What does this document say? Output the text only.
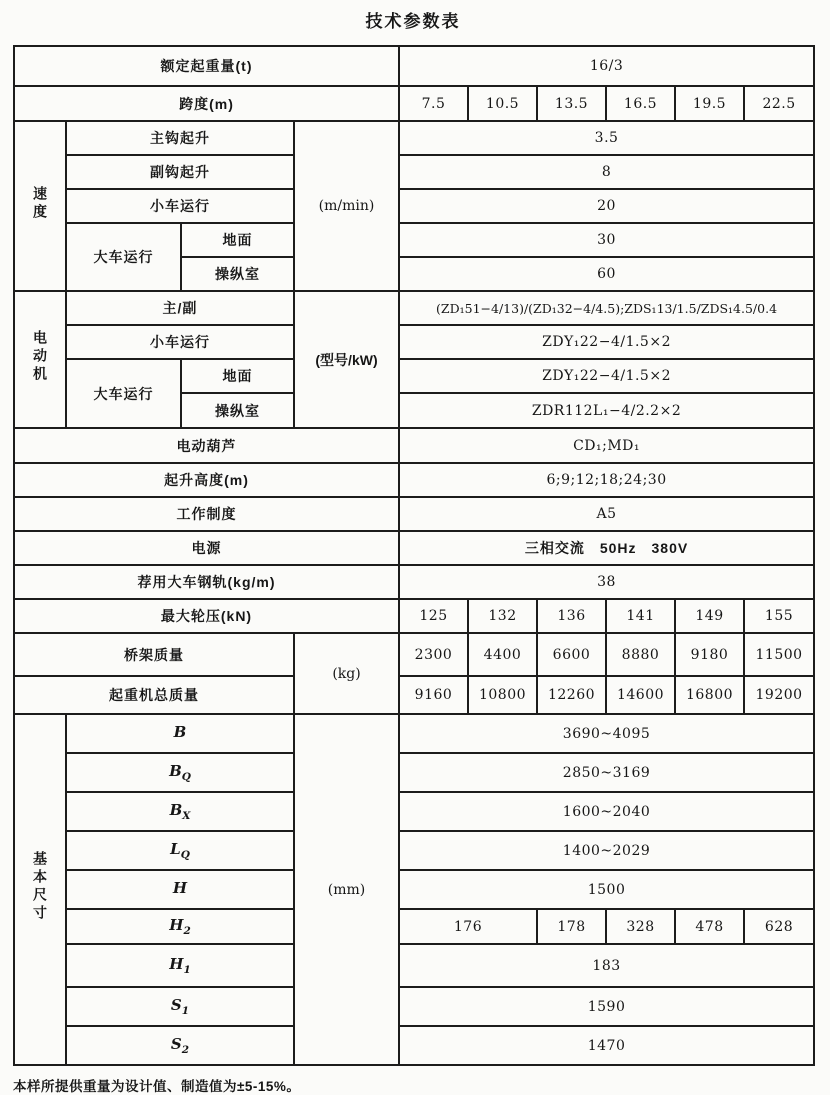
技术参数表
额定起重量(t)				16/3					
跨度(m)				7.5	10.5	13.5	16.5	19.5	22.5
速度	主钩起升		(m/min)	3.5					
	副钩起升			8					
	小车运行			20					
	大车运行	地面		30					
		操纵室		60					
电动机	主/副		(型号/kW)	(ZD₁51−4/13)/(ZD₁32−4/4.5);ZDS₁13/1.5/ZDS₁4.5/0.4					
	小车运行			ZDY₁22−4/1.5×2					
	大车运行	地面		ZDY₁22−4/1.5×2					
		操纵室		ZDR112L₁−4/2.2×2					
电动葫芦				CD₁;MD₁					
起升高度(m)				6;9;12;18;24;30					
工作制度				A5					
电源				三相交流　50Hz　380V					
荐用大车钢轨(kg/m)				38					
最大轮压(kN)				125	132	136	141	149	155
桥架质量			(kg)	2300	4400	6600	8880	9180	11500
起重机总质量				9160	10800	12260	14600	16800	19200
基本尺寸	B		(mm)	3690~4095					
	$B_Q$			2850~3169					
	$B_X$			1600~2040					
	$L_Q$			1400~2029					
	H			1500					
	$H_2$			176		178	328	478	628
	$H_1$			183					
	$S_1$			1590					
	$S_2$			1470					
本样所提供重量为设计值、制造值为±5-15%。
